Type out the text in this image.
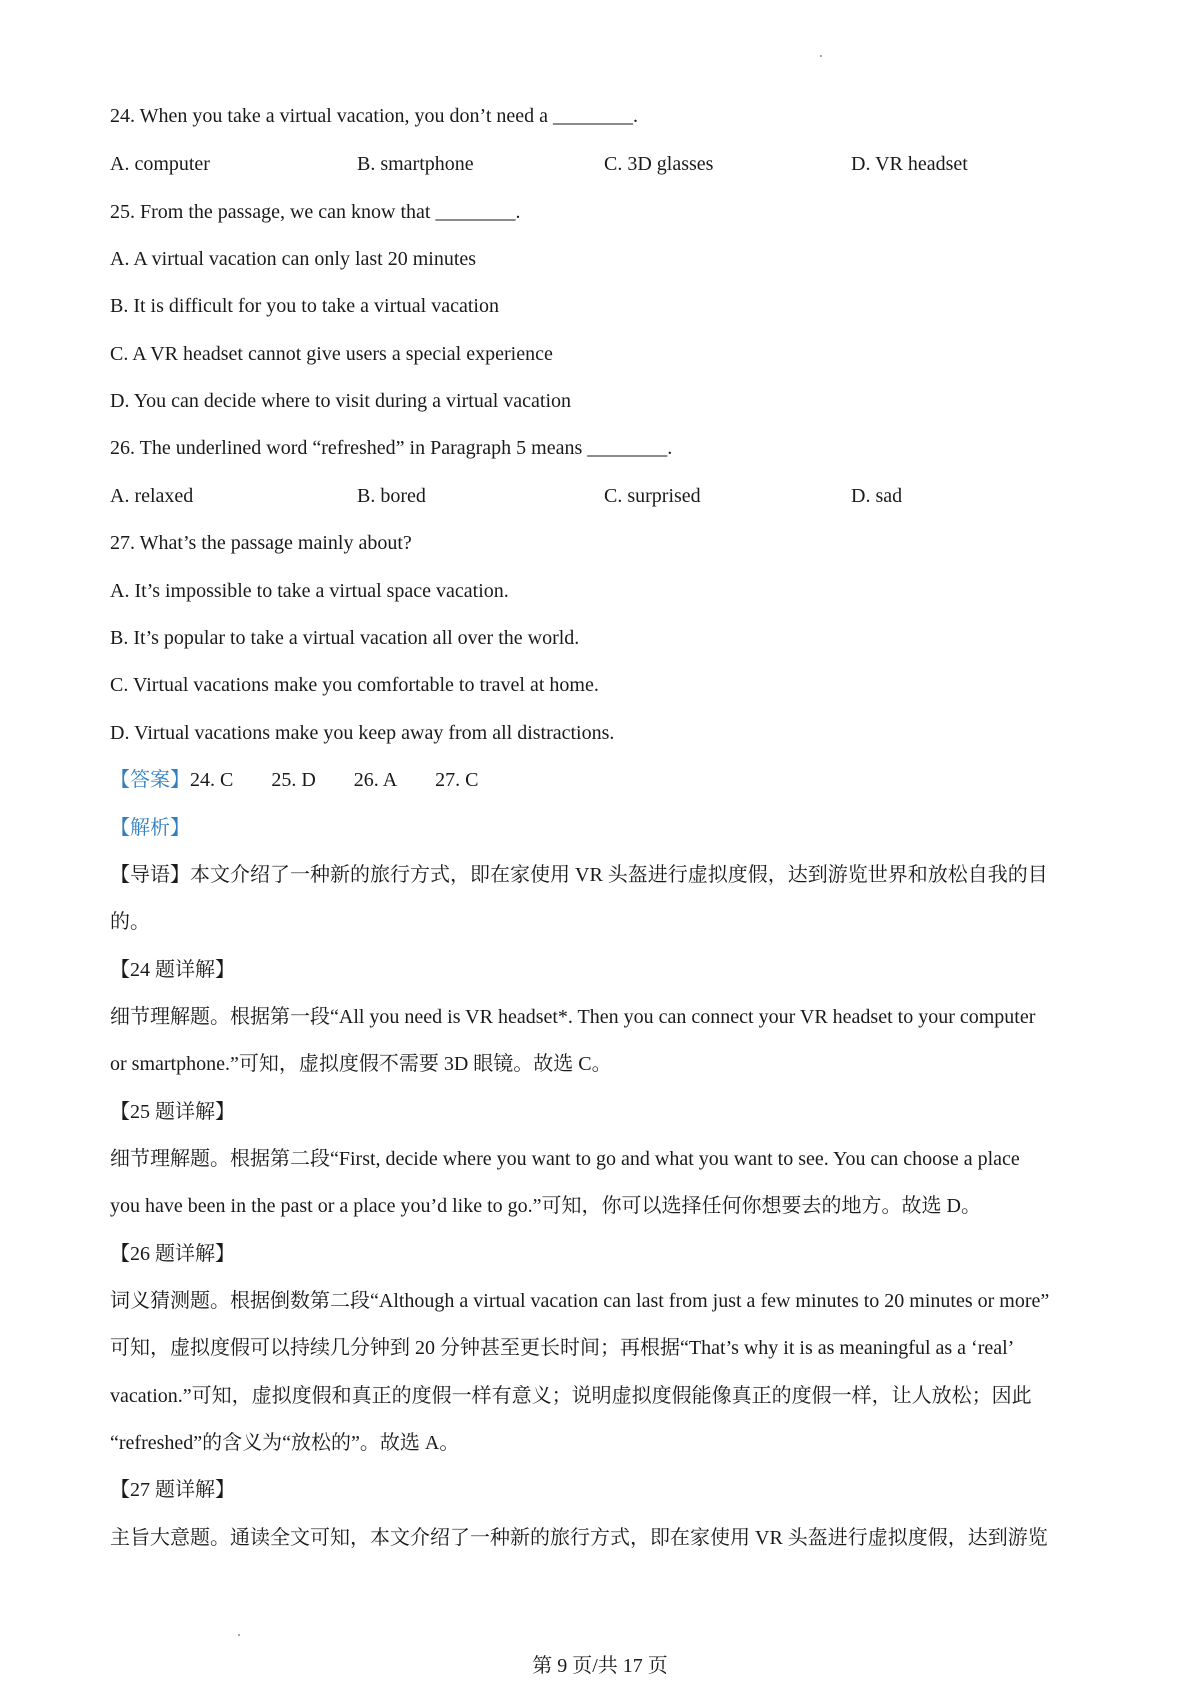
24. When you take a virtual vacation, you don’t need a ________.
A. computer	B. smartphone	C. 3D glasses	D. VR headset
25. From the passage, we can know that ________.
A. A virtual vacation can only last 20 minutes
B. It is difficult for you to take a virtual vacation
C. A VR headset cannot give users a special experience
D. You can decide where to visit during a virtual vacation
26. The underlined word “refreshed” in Paragraph 5 means ________.
A. relaxed	B. bored	C. surprised	D. sad
27. What’s the passage mainly about?
A. It’s impossible to take a virtual space vacation.
B. It’s popular to take a virtual vacation all over the world.
C. Virtual vacations make you comfortable to travel at home.
D. Virtual vacations make you keep away from all distractions.
【答案】24. C 25. D 26. A 27. C
【解析】
【导语】本文介绍了一种新的旅行方式，即在家使用 VR 头盔进行虚拟度假，达到游览世界和放松自我的目
的。
【24 题详解】
细节理解题。根据第一段“All you need is VR headset*. Then you can connect your VR headset to your computer
or smartphone.”可知，虚拟度假不需要 3D 眼镜。故选 C。
【25 题详解】
细节理解题。根据第二段“First, decide where you want to go and what you want to see. You can choose a place
you have been in the past or a place you’d like to go.”可知，你可以选择任何你想要去的地方。故选 D。
【26 题详解】
词义猜测题。根据倒数第二段“Although a virtual vacation can last from just a few minutes to 20 minutes or more”
可知，虚拟度假可以持续几分钟到 20 分钟甚至更长时间；再根据“That’s why it is as meaningful as a ‘real’
vacation.”可知，虚拟度假和真正的度假一样有意义；说明虚拟度假能像真正的度假一样，让人放松；因此
“refreshed”的含义为“放松的”。故选 A。
【27 题详解】
主旨大意题。通读全文可知，本文介绍了一种新的旅行方式，即在家使用 VR 头盔进行虚拟度假，达到游览
第 9 页/共 17 页
